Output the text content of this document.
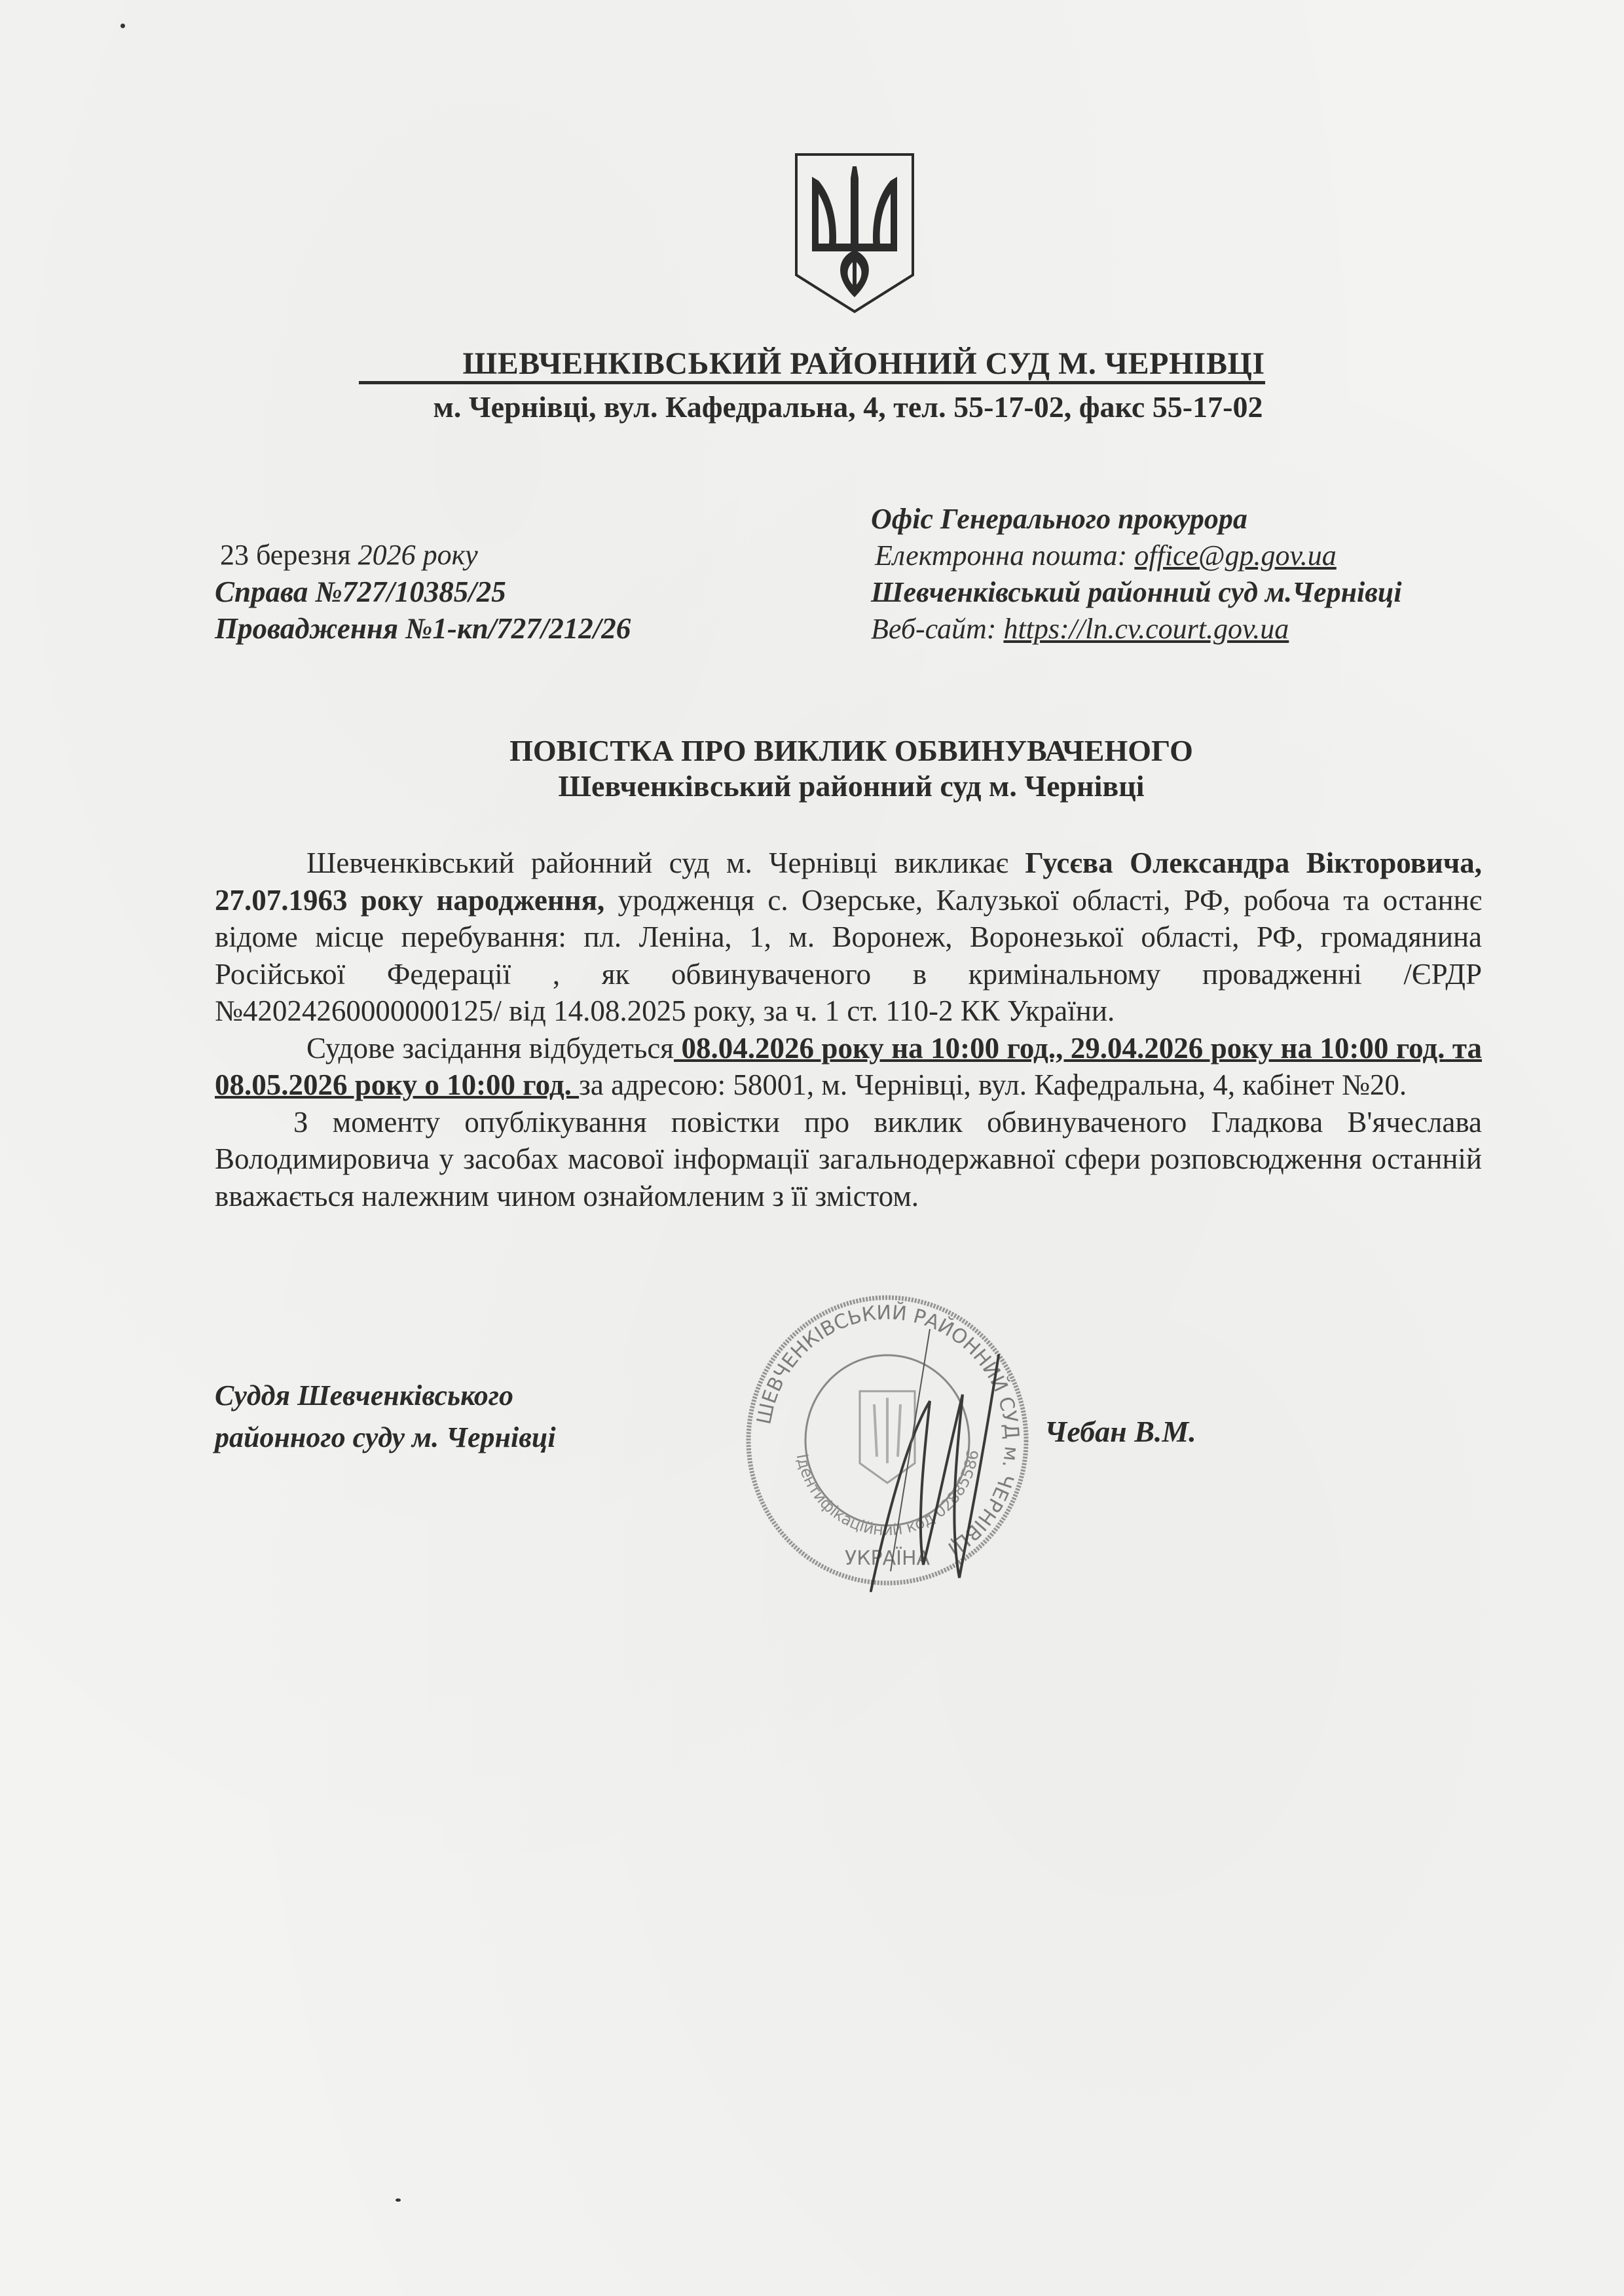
ШЕВЧЕНКІВСЬКИЙ РАЙОННИЙ СУД М. ЧЕРНІВЦІ
м. Чернівці, вул. Кафедральна, 4, тел. 55-17-02, факс 55-17-02
23 березня 2026 року
Справа №727/10385/25
Провадження №1-кп/727/212/26
Офіс Генерального прокурора
Електронна пошта: office@gp.gov.ua
Шевченківський районний суд м.Чернівці
Веб-сайт: https://ln.cv.court.gov.ua
ПОВІСТКА ПРО ВИКЛИК ОБВИНУВАЧЕНОГО
Шевченківський районний суд м. Чернівці

Шевченківський районний суд м. Чернівці викликає Гусєва Олександра Вікторовича, 27.07.1963 року народження, уродженця с. Озерське, Калузької області, РФ, робоча та останнє відоме місце перебування: пл. Леніна, 1, м. Воронеж, Воронезької області, РФ, громадянина Російської Федерації , як обвинуваченого в кримінальному провадженні /ЄРДР №42024260000000125/ від 14.08.2025 року, за ч. 1 ст. 110-2 КК України.

Судове засідання відбудеться 08.04.2026 року на 10:00 год., 29.04.2026 року на 10:00 год. та 08.05.2026 року о 10:00 год. за адресою: 58001, м. Чернівці, вул. Кафедральна, 4, кабінет №20.

З моменту опублікування повістки про виклик обвинуваченого Гладкова В'ячеслава Володимировича у засобах масової інформації загальнодержавної сфери розповсюдження останній вважається належним чином ознайомленим з її змістом.

Суддя Шевченківського
районного суду м. Чернівці	Чебан В.М.
ШЕВЧЕНКІВСЬКИЙ РАЙОННИЙ СУД м. ЧЕРНІВЦІ
Ідентифікаційний код 02885586
УКРАЇНА
